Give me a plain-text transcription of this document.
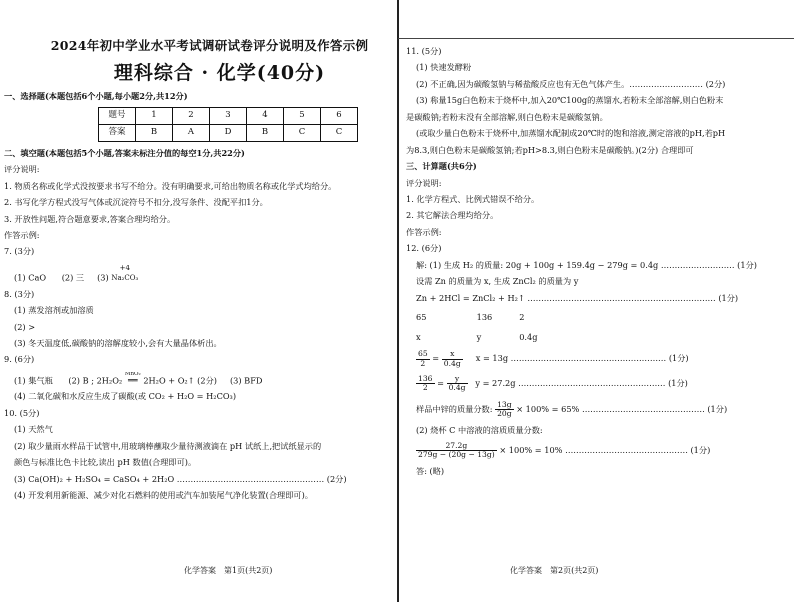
2024年初中学业水平考试调研试卷评分说明及作答示例
理科综合 · 化学(40分)
一、选择题(本题包括6个小题,每小题2分,共12分)
题号	1	2	3	4	5	6
答案	B	A	D	B	C	C
二、填空题(本题包括5个小题,答案未标注分值的每空1分,共22分)
评分说明:
1. 物质名称或化学式没按要求书写不给分。没有明确要求,可给出物质名称或化学式均给分。
2. 书写化学方程式没写气体或沉淀符号不扣分,没写条件、没配平扣1分。
3. 开放性问题,符合题意要求,答案合理均给分。
作答示例:
7. (3分)
(1) CaO (2) 三 (3)
+4
Na₂CO₃
8. (3分)
(1) 蒸发溶剂或加溶质
(2) >
(3) 冬天温度低,碳酸钠的溶解度较小,会有大量晶体析出。
9. (6分)
(1) 集气瓶 (2) B ; 2H₂O₂
MnO₂
══ 2H₂O + O₂↑ (2分) (3) BFD
(4) 二氧化碳和水反应生成了碳酸(或 CO₂ + H₂O = H₂CO₃)
10. (5分)
(1) 天然气
(2) 取少量雨水样品于试管中,用玻璃棒蘸取少量待测液滴在 pH 试纸上,把试纸显示的
颜色与标准比色卡比较,读出 pH 数值(合理即可)。
(3) Ca(OH)₂ + H₂SO₄ = CaSO₄ + 2H₂O ……………………………………………… (2分)
(4) 开发利用新能源、减少对化石燃料的使用或汽车加装尾气净化装置(合理即可)。
化学答案　第1页(共2页)
11. (5分)
(1) 快速发酵粉
(2) 不正确,因为碳酸氢钠与稀盐酸反应也有无色气体产生。……………………… (2分)
(3) 称量15g白色粉末于烧杯中,加入20℃100g的蒸馏水,若粉末全部溶解,则白色粉末
是碳酸钠;若粉末没有全部溶解,则白色粉末是碳酸氢钠。
(或取少量白色粉末于烧杯中,加蒸馏水配制成20℃时的饱和溶液,测定溶液的pH,若pH
为8.3,则白色粉末是碳酸氢钠;若pH>8.3,则白色粉末是碳酸钠。)(2分) 合理即可
三、计算题(共6分)
评分说明:
1. 化学方程式、比例式错误不给分。
2. 其它解法合理均给分。
作答示例:
12. (6分)
解: (1) 生成 H₂ 的质量: 20g + 100g + 159.4g − 279g = 0.4g ……………………… (1分)
设需 Zn 的质量为 x, 生成 ZnCl₂ 的质量为 y
Zn + 2HCl = ZnCl₂ + H₂↑ …………………………………………………………… (1分)
65	136	2
x	y	0.4g
$\frac{65}{2} = \frac{x}{0.4g}$ x = 13g ………………………………………………… (1分)
$\frac{136}{2} = \frac{y}{0.4g}$ y = 27.2g ……………………………………………… (1分)
样品中锌的质量分数: $\frac{13g}{20g} \times 100\% = 65\%$ ……………………………………… (1分)
(2) 烧杯 C 中溶液的溶质质量分数:
$\frac{27.2g}{279g - (20g - 13g)} \times 100\% = 10\%$ ……………………………………… (1分)
答: (略)
化学答案　第2页(共2页)
